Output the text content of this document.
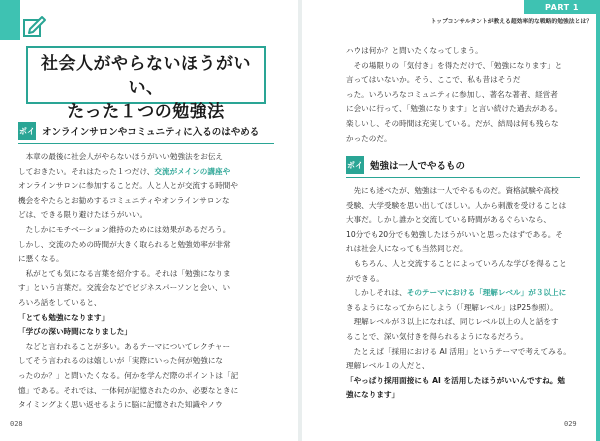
社会人がやらないほうがいい、
たった１つの勉強法
ポイ オンラインサロンやコミュニティに入るのはやめる

　本章の最後に社会人がやらないほうがいい勉強法をお伝え

しておきたい。それはたった１つだけ、交流がメインの講座や

オンラインサロンに参加することだ。人と人とが交流する時間や

機会をやたらとお勧めするコミュニティやオンラインサロンな

どは、できる限り避けたほうがいい。

　たしかにモチベーション維持のためには効果があるだろう。

しかし、交流のための時間が大きく取られると勉強効率が非常

に悪くなる。

　私がとても気になる言葉を紹介する。それは「勉強になりま

す」という言葉だ。交流会などでビジネスパーソンと会い、い

ろいろ話をしていると、

「とても勉強になります」

「学びの深い時間になりました」

　などと言われることが多い。あるテーマについてレクチャー

してそう言われるのは嬉しいが「実際にいった何が勉強にな

ったのか？」と問いたくなる。何かを学んだ際のポイントは「記

憶」である。それでは、一体何が記憶されたのか、必要なときに

タイミングよく思い返せるように脳に記憶された知識やノウ

028
PART 1
トップコンサルタントが教える超効率的な戦略的勉強法とは？

ハウは何か？と問いたくなってしまう。

　その場限りの「気付き」を得ただけで、「勉強になります」と

言ってはいないか。そう、ここで、私も昔はそうだ

った。いろいろなコミュニティに参加し、著名な著者、経営者

に会いに行って、「勉強になります」と言い続けた過去がある。

楽しいし、その時間は充実している。だが、結局は何も残らな

かったのだ。

ポイ 勉強は一人でやるもの

　先にも述べたが、勉強は一人でやるものだ。資格試験や高校

受験、大学受験を思い出してほしい。人から刺激を受けることは

大事だ。しかし誰かと交流している時間があるぐらいなら、

10分でも20分でも勉強したほうがいいと思ったはずである。そ

れは社会人になっても当然同じだ。

　もちろん、人と交流することによっていろんな学びを得ること

ができる。

　しかしそれは、そのテーマにおける「理解レベル」が３以上に

きるようになってからにしよう（「理解レベル」はP25参照）。

　理解レベルが３以上になれば、同じレベル以上の人と話をす

ることで、深い気付きを得られるようになるだろう。

　たとえば「採用における AI 活用」というテーマで考えてみる。

理解レベル１の人だと、

「やっぱり採用面接にも AI を活用したほうがいいんですね。勉

強になります」

029
